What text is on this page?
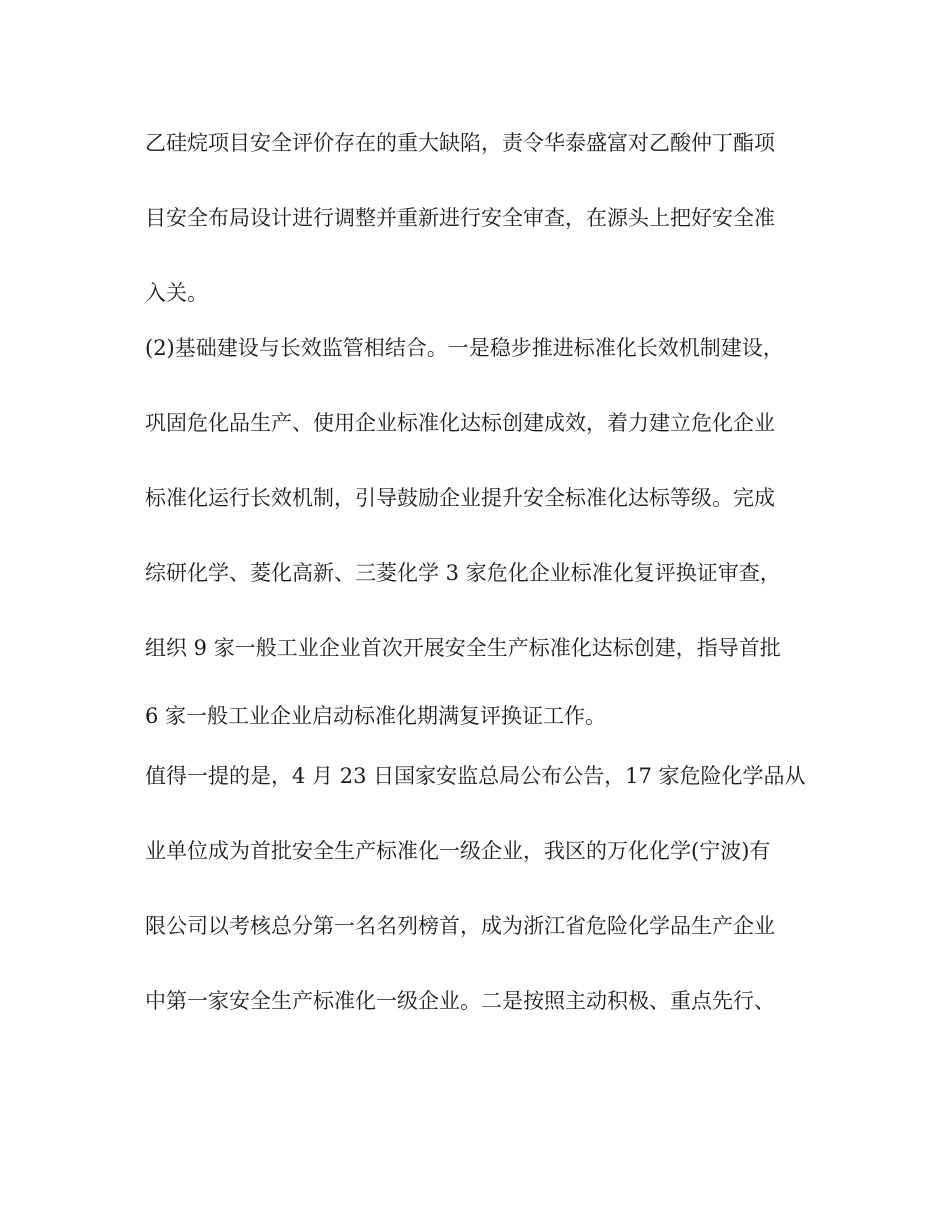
乙硅烷项目安全评价存在的重大缺陷，责令华泰盛富对乙酸仲丁酯项
目安全布局设计进行调整并重新进行安全审查，在源头上把好安全准
入关。
(2)基础建设与长效监管相结合。一是稳步推进标准化长效机制建设，
巩固危化品生产、使用企业标准化达标创建成效，着力建立危化企业
标准化运行长效机制，引导鼓励企业提升安全标准化达标等级。完成
综研化学、菱化高新、三菱化学 3 家危化企业标准化复评换证审查，
组织 9 家一般工业企业首次开展安全生产标准化达标创建，指导首批
6 家一般工业企业启动标准化期满复评换证工作。
值得一提的是，4 月 23 日国家安监总局公布公告，17 家危险化学品从
业单位成为首批安全生产标准化一级企业，我区的万化化学(宁波)有
限公司以考核总分第一名名列榜首，成为浙江省危险化学品生产企业
中第一家安全生产标准化一级企业。二是按照主动积极、重点先行、
